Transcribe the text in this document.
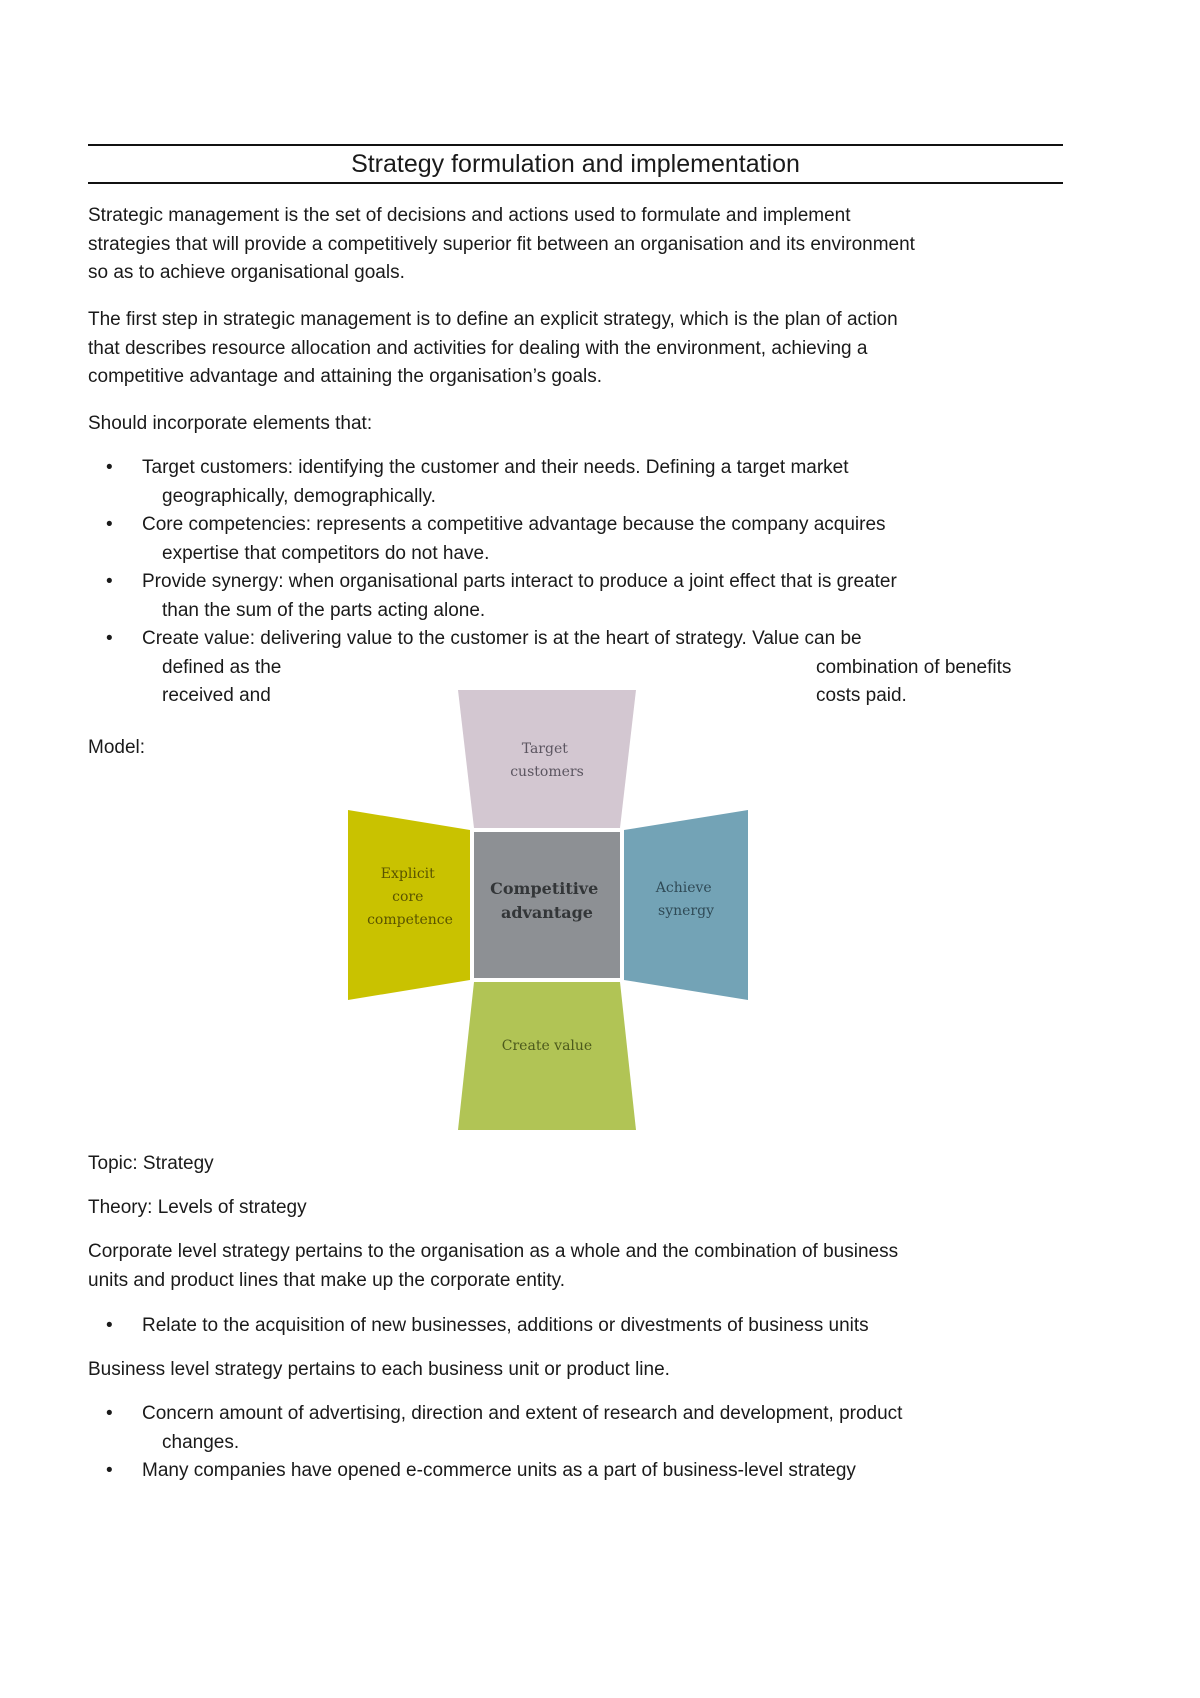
Strategy formulation and implementation
Strategic management is the set of decisions and actions used to formulate and implement
strategies that will provide a competitively superior fit between an organisation and its environment
so as to achieve organisational goals.
The first step in strategic management is to define an explicit strategy, which is the plan of action
that describes resource allocation and activities for dealing with the environment, achieving a
competitive advantage and attaining the organisation’s goals.
Should incorporate elements that:
• Target customers: identifying the customer and their needs. Defining a target market
geographically, demographically.
• Core competencies: represents a competitive advantage because the company acquires
expertise that competitors do not have.
• Provide synergy: when organisational parts interact to produce a joint effect that is greater
than the sum of the parts acting alone.
• Create value: delivering value to the customer is at the heart of strategy. Value can be
defined as the	combination of benefits
received and	costs paid.
Model:	Target customers
Explicit core competence
Competitive advantage
Achieve synergy
Create value
Topic: Strategy
Theory: Levels of strategy
Corporate level strategy pertains to the organisation as a whole and the combination of business
units and product lines that make up the corporate entity.
• Relate to the acquisition of new businesses, additions or divestments of business units
Business level strategy pertains to each business unit or product line.
• Concern amount of advertising, direction and extent of research and development, product
changes.
• Many companies have opened e-commerce units as a part of business-level strategy
